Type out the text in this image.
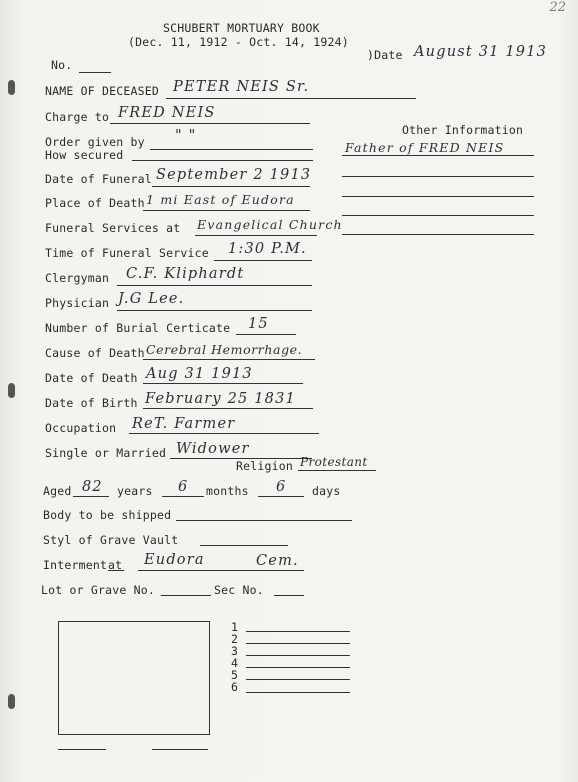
22
SCHUBERT MORTUARY BOOK
(Dec. 11, 1912 - Oct. 14, 1924)
No.
)Date August 31 1913
NAME OF DECEASED PETER NEIS Sr.
Charge to FRED NEIS
Order given by " "
How secured
Other Information
Father of FRED NEIS
Date of Funeral September 2 1913
Place of Death 1 mi East of Eudora
Funeral Services at Evangelical Church
Time of Funeral Service 1:30 P.M.
Clergyman C.F. Kliphardt
Physician J.G Lee.
Number of Burial Certicate 15
Cause of Death Cerebral Hemorrhage.
Date of Death Aug 31 1913
Date of Birth February 25 1831
Occupation ReT. Farmer
Single or Married Widower
Religion Protestant
Aged 82 years 6 months 6 days
Body to be shipped
Styl of Grave Vault
Interment at Eudora	Cem.
Lot or Grave No.	Sec No.
1
2
3
4
5
6
